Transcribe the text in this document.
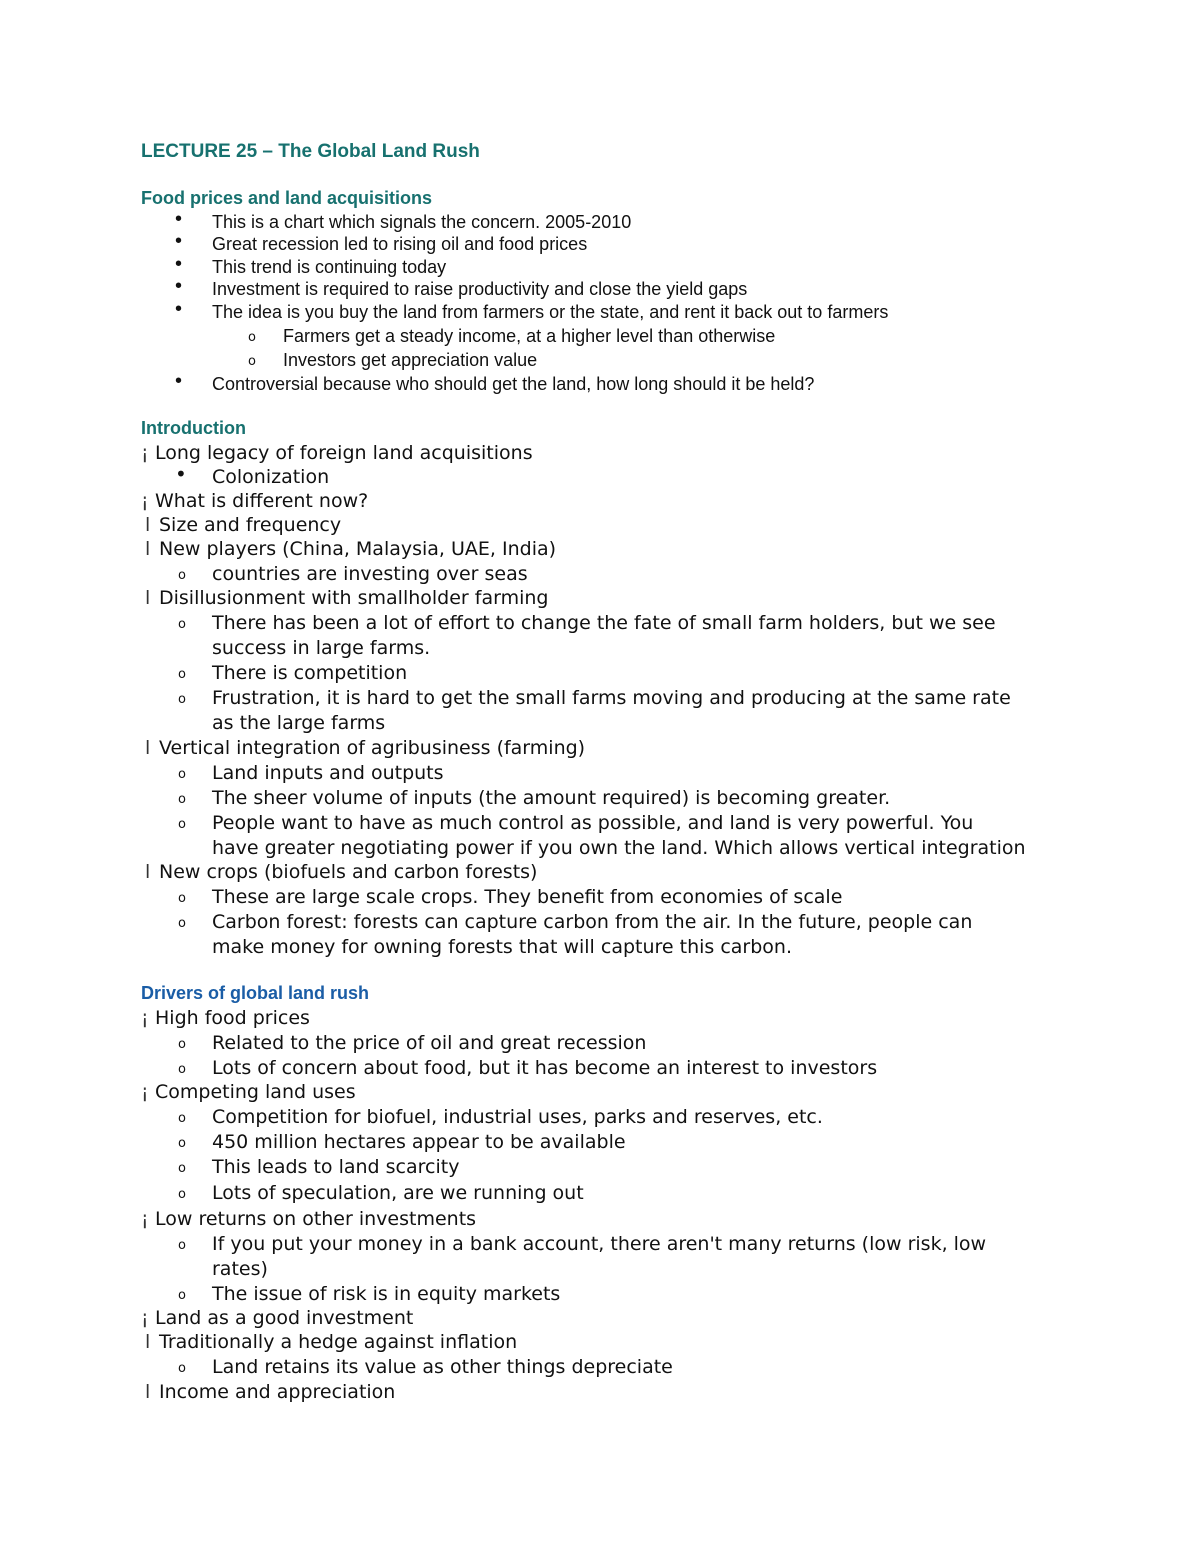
LECTURE 25 – The Global Land Rush
Food prices and land acquisitions
• This is a chart which signals the concern. 2005-2010
• Great recession led to rising oil and food prices
• This trend is continuing today
• Investment is required to raise productivity and close the yield gaps
• The idea is you buy the land from farmers or the state, and rent it back out to farmers
o Farmers get a steady income, at a higher level than otherwise
o Investors get appreciation value
• Controversial because who should get the land, how long should it be held?
Introduction
¡ Long legacy of foreign land acquisitions
• Colonization
¡ What is different now?
l Size and frequency
l New players (China, Malaysia, UAE, India)
o countries are investing over seas
l Disillusionment with smallholder farming
o There has been a lot of effort to change the fate of small farm holders, but we see
success in large farms.
o There is competition
o Frustration, it is hard to get the small farms moving and producing at the same rate
as the large farms
l Vertical integration of agribusiness (farming)
o Land inputs and outputs
o The sheer volume of inputs (the amount required) is becoming greater.
o People want to have as much control as possible, and land is very powerful. You
have greater negotiating power if you own the land. Which allows vertical integration
l New crops (biofuels and carbon forests)
o These are large scale crops. They benefit from economies of scale
o Carbon forest: forests can capture carbon from the air. In the future, people can
make money for owning forests that will capture this carbon.
Drivers of global land rush
¡ High food prices
o Related to the price of oil and great recession
o Lots of concern about food, but it has become an interest to investors
¡ Competing land uses
o Competition for biofuel, industrial uses, parks and reserves, etc.
o 450 million hectares appear to be available
o This leads to land scarcity
o Lots of speculation, are we running out
¡ Low returns on other investments
o If you put your money in a bank account, there aren't many returns (low risk, low
rates)
o The issue of risk is in equity markets
¡ Land as a good investment
l Traditionally a hedge against inflation
o Land retains its value as other things depreciate
l Income and appreciation
